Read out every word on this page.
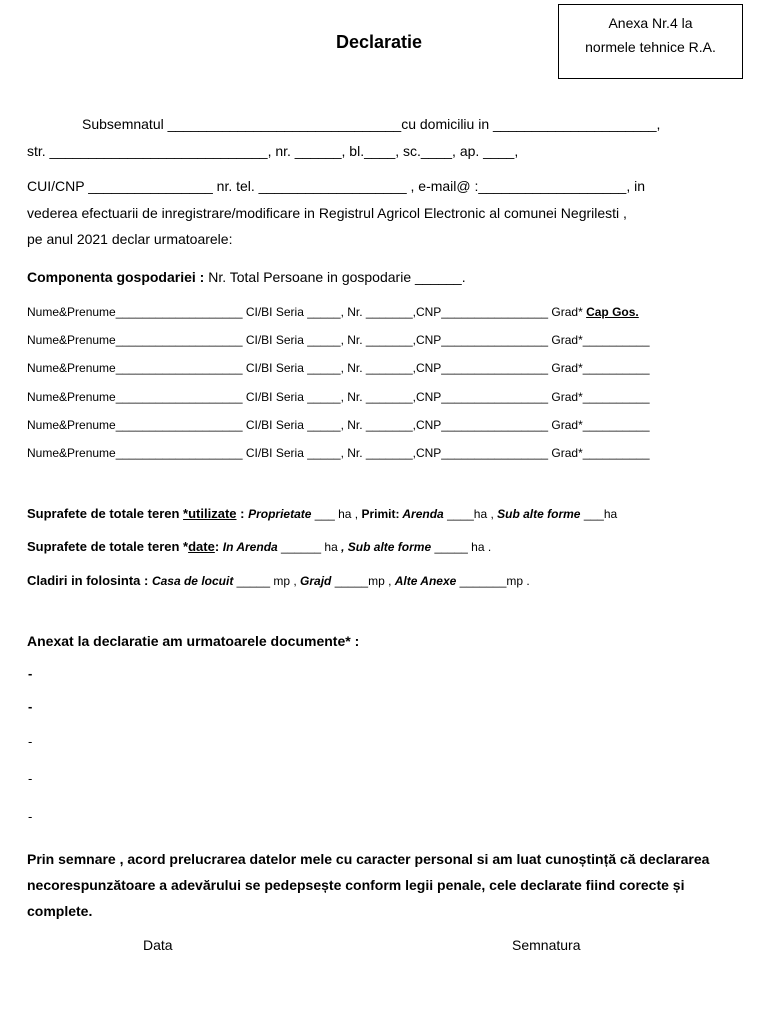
Anexa Nr.4 la
normele tehnice R.A.
Declaratie
Subsemnatul ______________________________cu domiciliu in _____________________,
str. ____________________________, nr. ______, bl.____, sc.____, ap. ____,
CUI/CNP ________________ nr. tel. ___________________ , e-mail@ :___________________, in
vederea efectuarii de inregistrare/modificare in Registrul Agricol Electronic al comunei Negrilesti ,
pe anul 2021 declar urmatoarele:
Componenta gospodariei : Nr. Total Persoane in gospodarie ______.
Nume&Prenume___________________ CI/BI Seria _____, Nr. _______,CNP________________ Grad* Cap Gos.
Nume&Prenume___________________ CI/BI Seria _____, Nr. _______,CNP________________ Grad*__________
Nume&Prenume___________________ CI/BI Seria _____, Nr. _______,CNP________________ Grad*__________
Nume&Prenume___________________ CI/BI Seria _____, Nr. _______,CNP________________ Grad*__________
Nume&Prenume___________________ CI/BI Seria _____, Nr. _______,CNP________________ Grad*__________
Nume&Prenume___________________ CI/BI Seria _____, Nr. _______,CNP________________ Grad*__________
Suprafete de totale teren *utilizate : Proprietate ___ ha , Primit: Arenda ____ha , Sub alte forme ___ha
Suprafete de totale teren *date: In Arenda ______ ha , Sub alte forme _____ ha .
Cladiri in folosinta : Casa de locuit _____ mp , Grajd _____mp , Alte Anexe _______mp .
Anexat la declaratie am urmatoarele documente* :
-
-
-
-
-
Prin semnare , acord prelucrarea datelor mele cu caracter personal si am luat cunoștință că declararea necorespunzătoare a adevărului se pedepsește conform legii penale, cele declarate fiind corecte și complete.
Data	Semnatura
